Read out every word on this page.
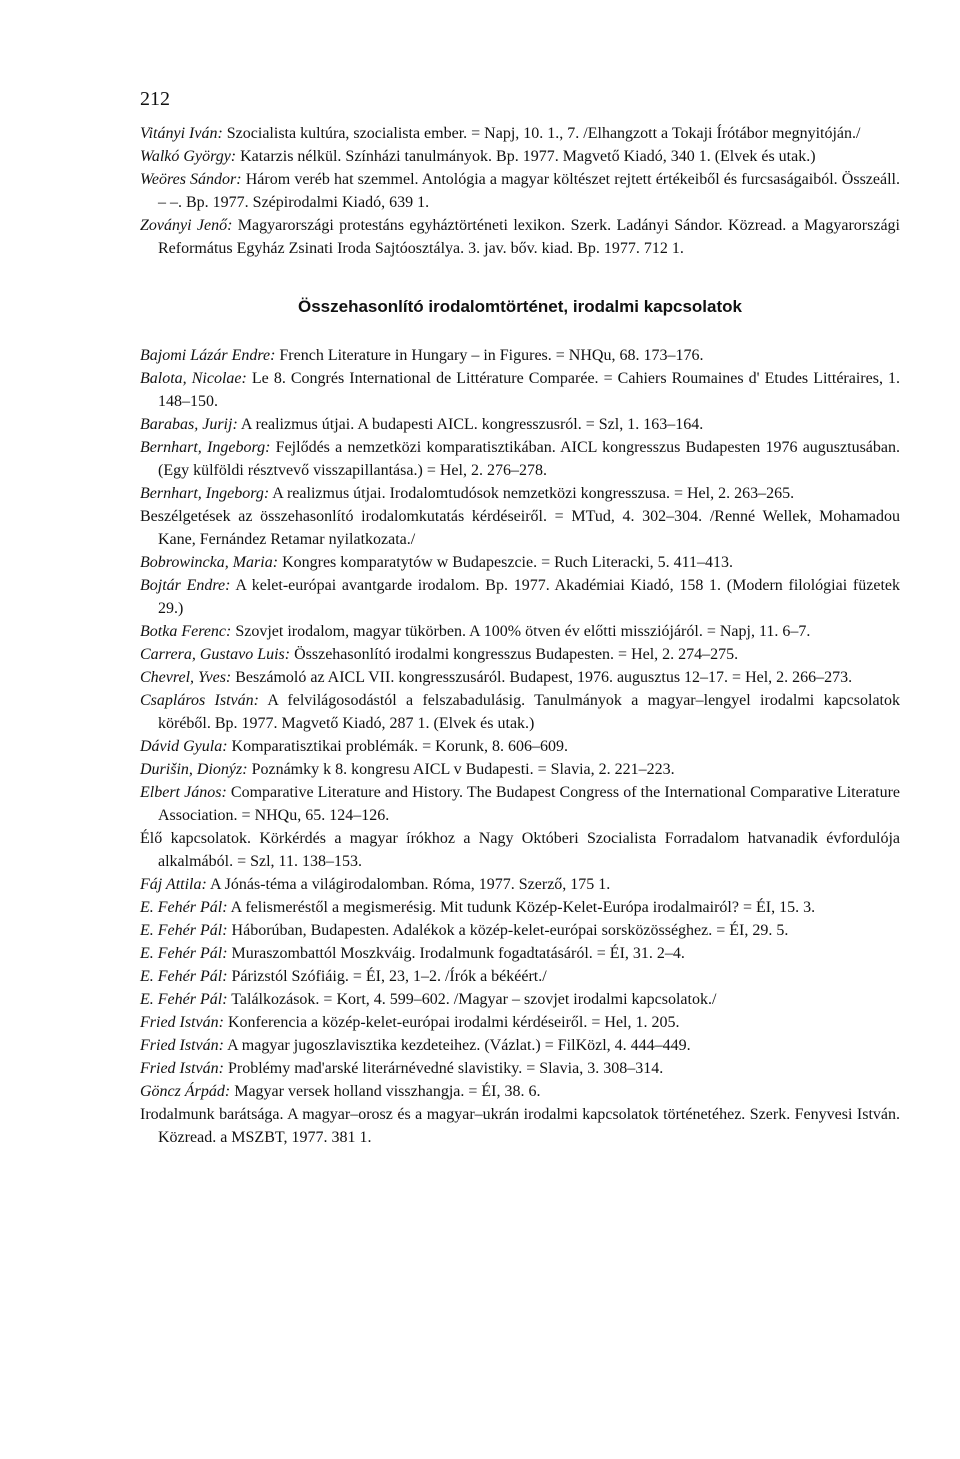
212

Vitányi Iván: Szocialista kultúra, szocialista ember. = Napj, 10. 1., 7. /Elhangzott a Tokaji Írótábor megnyitóján./

Walkó György: Katarzis nélkül. Színházi tanulmányok. Bp. 1977. Magvető Kiadó, 340 1. (Elvek és utak.)

Weöres Sándor: Három veréb hat szemmel. Antológia a magyar költészet rejtett értékeiből és furcsaságaiból. Összeáll. – –. Bp. 1977. Szépirodalmi Kiadó, 639 1.

Zoványi Jenő: Magyarországi protestáns egyháztörténeti lexikon. Szerk. Ladányi Sándor. Közread. a Magyarországi Református Egyház Zsinati Iroda Sajtóosztálya. 3. jav. bőv. kiad. Bp. 1977. 712 1.

Összehasonlító irodalomtörténet, irodalmi kapcsolatok

Bajomi Lázár Endre: French Literature in Hungary – in Figures. = NHQu, 68. 173–176.

Balota, Nicolae: Le 8. Congrés International de Littérature Comparée. = Cahiers Roumaines d' Etudes Littéraires, 1. 148–150.

Barabas, Jurij: A realizmus útjai. A budapesti AICL. kongresszusról. = Szl, 1. 163–164.

Bernhart, Ingeborg: Fejlődés a nemzetközi komparatisztikában. AICL kongresszus Budapesten 1976 augusztusában. (Egy külföldi résztvevő visszapillantása.) = Hel, 2. 276–278.

Bernhart, Ingeborg: A realizmus útjai. Irodalomtudósok nemzetközi kongresszusa. = Hel, 2. 263–265.

Beszélgetések az összehasonlító irodalomkutatás kérdéseiről. = MTud, 4. 302–304. /Renné Wellek, Mohamadou Kane, Fernández Retamar nyilatkozata./

Bobrowincka, Maria: Kongres komparatytów w Budapeszcie. = Ruch Literacki, 5. 411–413.

Bojtár Endre: A kelet-európai avantgarde irodalom. Bp. 1977. Akadémiai Kiadó, 158 1. (Modern filológiai füzetek 29.)

Botka Ferenc: Szovjet irodalom, magyar tükörben. A 100% ötven év előtti missziójáról. = Napj, 11. 6–7.

Carrera, Gustavo Luis: Összehasonlító irodalmi kongresszus Budapesten. = Hel, 2. 274–275.

Chevrel, Yves: Beszámoló az AICL VII. kongresszusáról. Budapest, 1976. augusztus 12–17. = Hel, 2. 266–273.

Csapláros István: A felvilágosodástól a felszabadulásig. Tanulmányok a magyar–lengyel irodalmi kapcsolatok köréből. Bp. 1977. Magvető Kiadó, 287 1. (Elvek és utak.)

Dávid Gyula: Komparatisztikai problémák. = Korunk, 8. 606–609.

Durišin, Dionýz: Poznámky k 8. kongresu AICL v Budapesti. = Slavia, 2. 221–223.

Elbert János: Comparative Literature and History. The Budapest Congress of the International Comparative Literature Association. = NHQu, 65. 124–126.

Élő kapcsolatok. Körkérdés a magyar írókhoz a Nagy Októberi Szocialista Forradalom hatvanadik évfordulója alkalmából. = Szl, 11. 138–153.

Fáj Attila: A Jónás-téma a világirodalomban. Róma, 1977. Szerző, 175 1.

E. Fehér Pál: A felismeréstől a megismerésig. Mit tudunk Közép-Kelet-Európa irodalmairól? = ÉI, 15. 3.

E. Fehér Pál: Háborúban, Budapesten. Adalékok a közép-kelet-európai sorsközösséghez. = ÉI, 29. 5.

E. Fehér Pál: Muraszombattól Moszkváig. Irodalmunk fogadtatásáról. = ÉI, 31. 2–4.

E. Fehér Pál: Párizstól Szófiáig. = ÉI, 23, 1–2. /Írók a békéért./

E. Fehér Pál: Találkozások. = Kort, 4. 599–602. /Magyar – szovjet irodalmi kapcsolatok./

Fried István: Konferencia a közép-kelet-európai irodalmi kérdéseiről. = Hel, 1. 205.

Fried István: A magyar jugoszlavisztika kezdeteihez. (Vázlat.) = FilKözl, 4. 444–449.

Fried István: Problémy mad'arské literárnévedné slavistiky. = Slavia, 3. 308–314.

Göncz Árpád: Magyar versek holland visszhangja. = ÉI, 38. 6.

Irodalmunk barátsága. A magyar–orosz és a magyar–ukrán irodalmi kapcsolatok történetéhez. Szerk. Fenyvesi István. Közread. a MSZBT, 1977. 381 1.
